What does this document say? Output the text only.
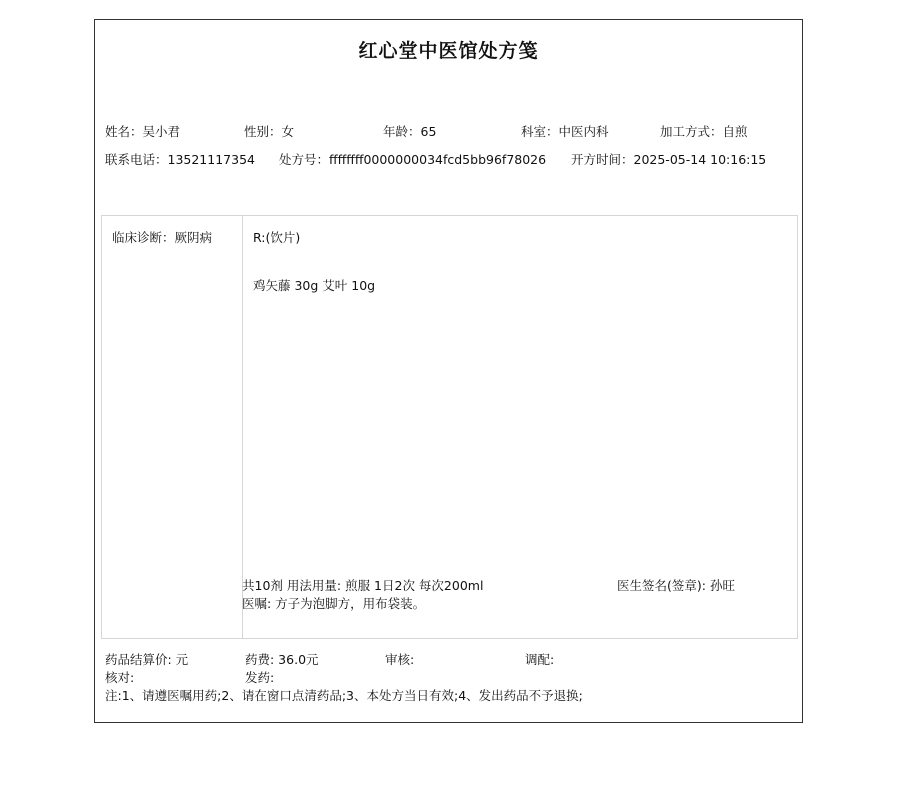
红心堂中医馆处方笺
姓名：吴小君	性别：女	年龄：65	科室：中医内科	加工方式：自煎
联系电话：13521117354 处方号：ffffffff0000000034fcd5bb96f78026 开方时间：2025-05-14 10:16:15
临床诊断：厥阴病	R:(饮片)
鸡矢藤 30g 艾叶 10g
共10剂 用法用量: 煎服 1日2次 每次200ml	医生签名(签章): 孙旺
医嘱: 方子为泡脚方，用布袋装。
药品结算价: 元	药费: 36.0元	审核:	调配:
核对:	发药:
注:1、请遵医嘱用药;2、请在窗口点清药品;3、本处方当日有效;4、发出药品不予退换;
